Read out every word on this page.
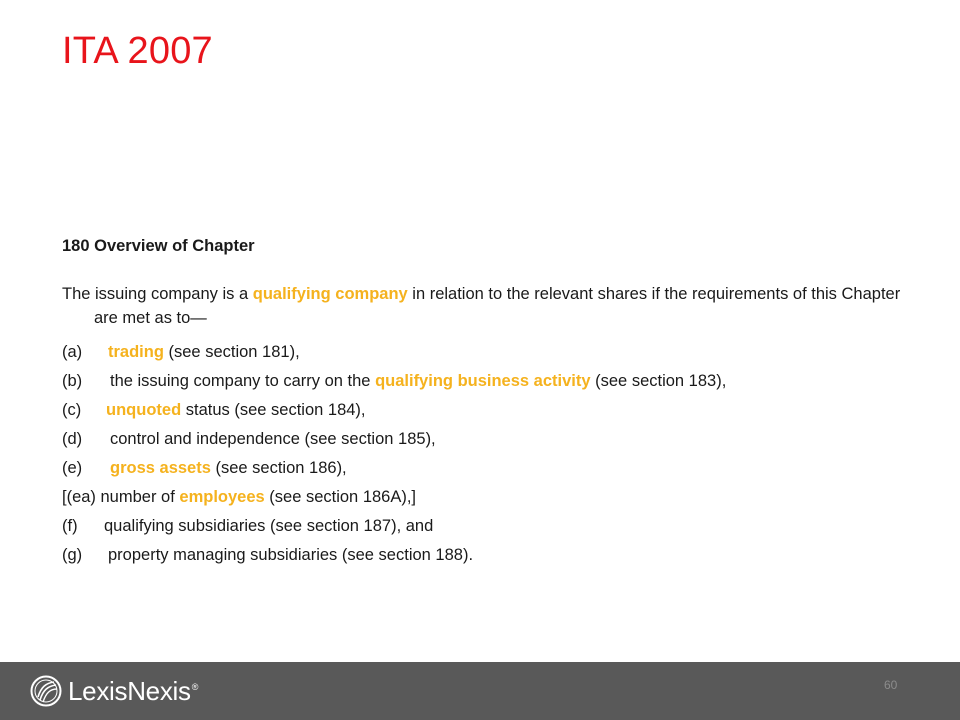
ITA 2007

180 Overview of Chapter

The issuing company is a qualifying company in relation to the relevant shares if the requirements of this Chapter are met as to—

(a) trading (see section 181),

(b) the issuing company to carry on the qualifying business activity (see section 183),

(c) unquoted status (see section 184),

(d) control and independence (see section 185),

(e) gross assets (see section 186),

[(ea) number of employees (see section 186A),]

(f) qualifying subsidiaries (see section 187), and

(g) property managing subsidiaries (see section 188).

LexisNexis®	60
